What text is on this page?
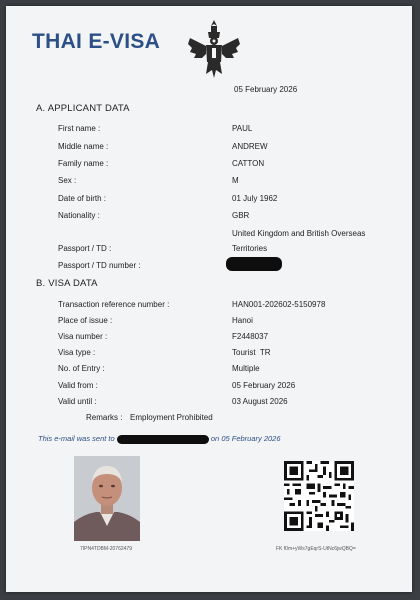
THAI E-VISA
05 February 2026
A. APPLICANT DATA
First name :	PAUL
Middle name :	ANDREW
Family name :	CATTON
Sex :	M
Date of birth :	01 July 1962
Nationality :	GBR
United Kingdom and British Overseas
Passport / TD :	Territories
Passport / TD number :
B. VISA DATA
Transaction reference number :	HAN001-202602-5150978
Place of issue :	Hanoi
Visa number :	F2448037
Visa type :	Tourist  TR
No. of Entry :	Multiple
Valid from :	05 February 2026
Valid until :	03 August 2026
Remarks : Employment Prohibited
This e-mail was sent to	on 05 February 2026
7IPN4TDBM-20762479	FK f0m+yWs7gEqrS-UtNc6jwQBQ=
